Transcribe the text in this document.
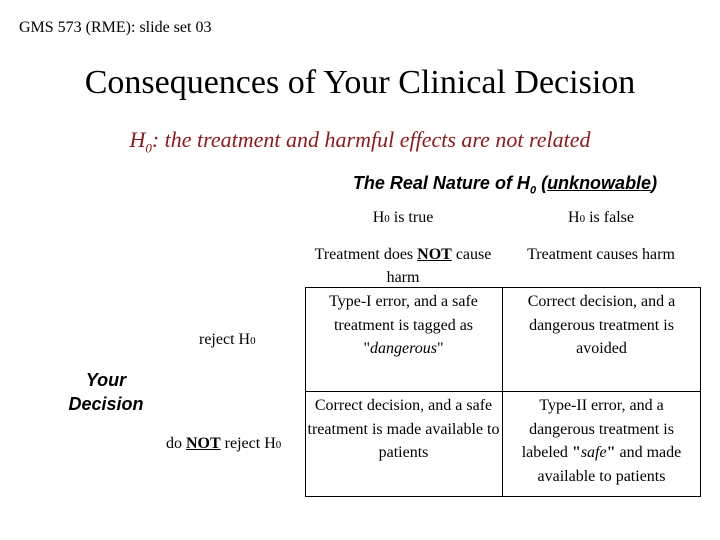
GMS 573 (RME): slide set 03
Consequences of Your Clinical Decision
$H_0$: the treatment and harmful effects are not related
The Real Nature of $H_0$ (unknowable)
H0 is true	H0 is false
Treatment does NOT cause harm
Treatment causes harm
reject H0
do NOT reject H0
Your
Decision
Type-I error, and a safe treatment is tagged as "dangerous"
Correct decision, and a dangerous treatment is avoided
Correct decision, and a safe treatment is made available to patients
Type-II error, and a dangerous treatment is labeled "safe" and made available to patients
